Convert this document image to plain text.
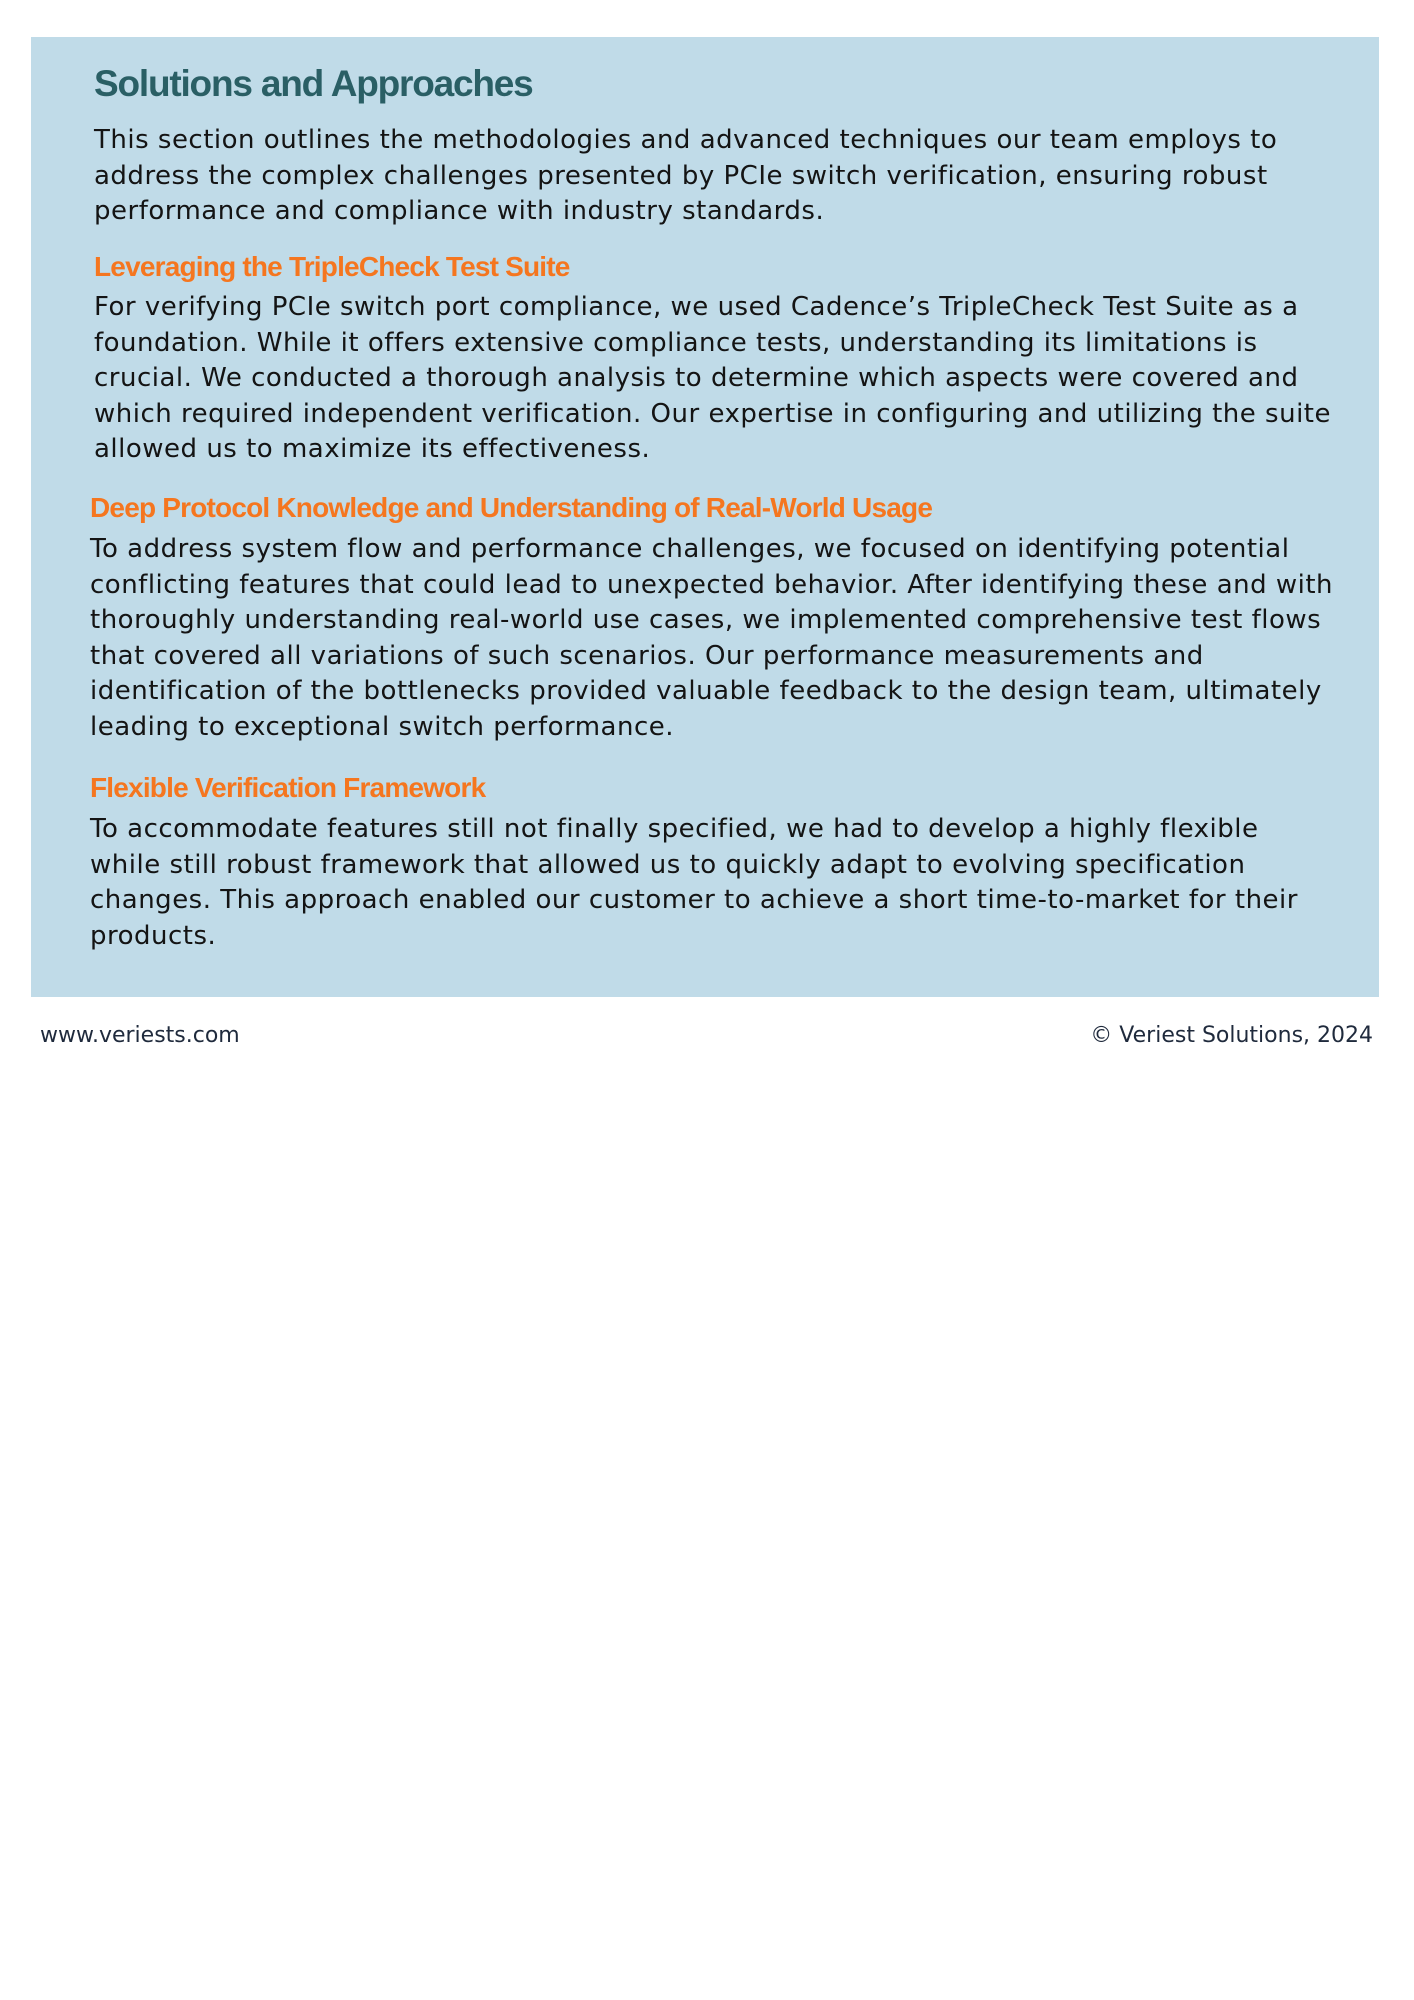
Solutions and Approaches

This section outlines the methodologies and advanced techniques our team employs to address the complex challenges presented by PCIe switch verification, ensuring robust performance and compliance with industry standards.

Leveraging the TripleCheck Test Suite

For verifying PCIe switch port compliance, we used Cadence’s TripleCheck Test Suite as a foundation. While it offers extensive compliance tests, understanding its limitations is crucial. We conducted a thorough analysis to determine which aspects were covered and which required independent verification. Our expertise in configuring and utilizing the suite allowed us to maximize its effectiveness.

Deep Protocol Knowledge and Understanding of Real-World Usage

To address system flow and performance challenges, we focused on identifying potential conflicting features that could lead to unexpected behavior. After identifying these and with thoroughly understanding real-world use cases, we implemented comprehensive test flows that covered all variations of such scenarios. Our performance measurements and identification of the bottlenecks provided valuable feedback to the design team, ultimately leading to exceptional switch performance.

Flexible Verification Framework

To accommodate features still not finally specified, we had to develop a highly flexible while still robust framework that allowed us to quickly adapt to evolving specification changes. This approach enabled our customer to achieve a short time-to-market for their products.

www.veriests.com	© Veriest Solutions, 2024
